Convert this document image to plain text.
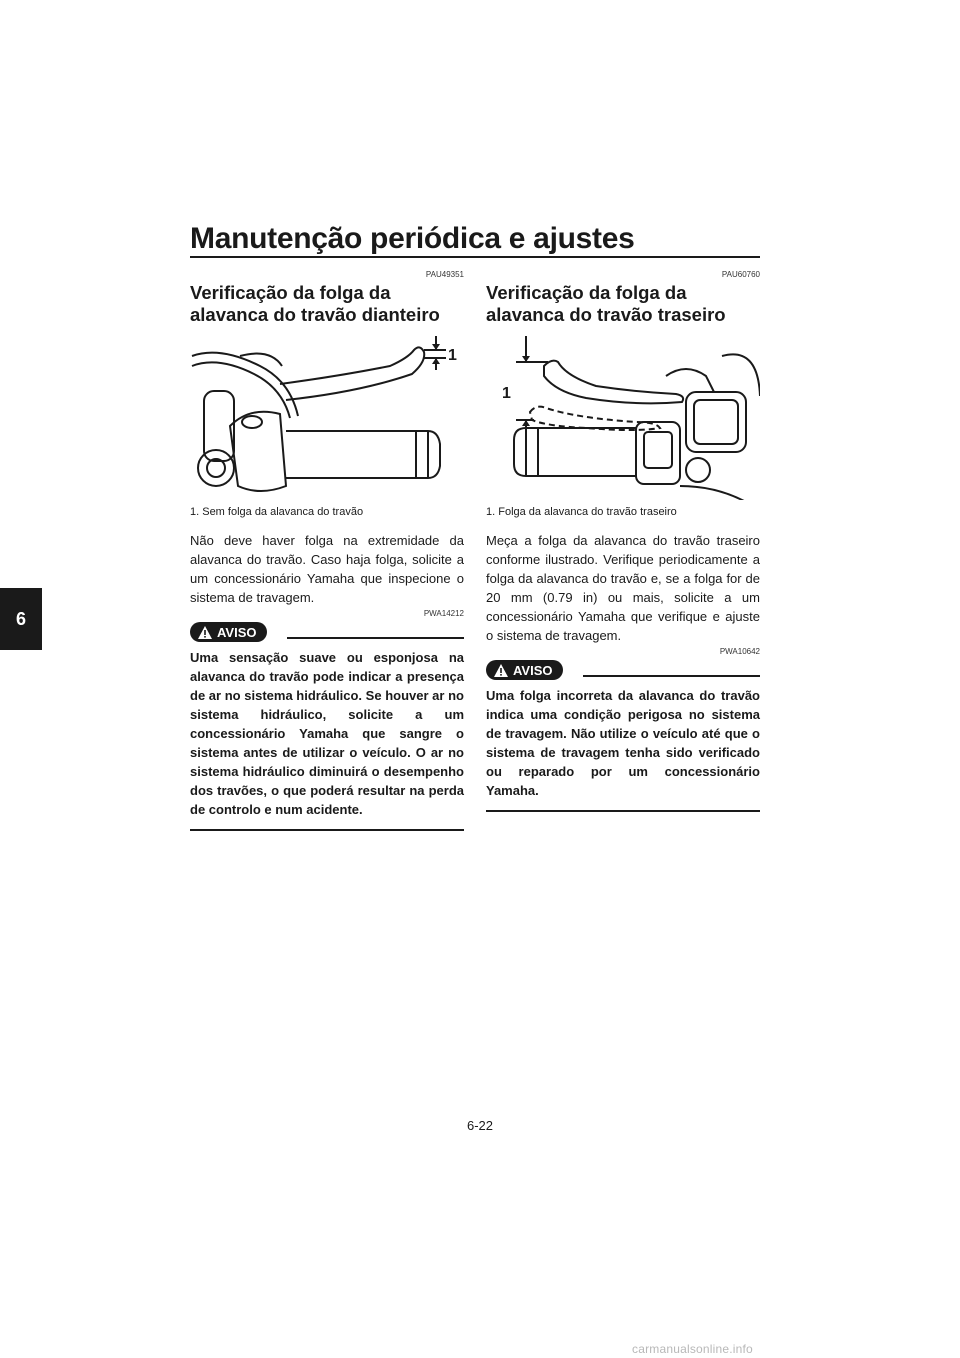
Manutenção periódica e ajustes
6
PAU49351
Verificação da folga da alavanca do travão dianteiro
1
1. Sem folga da alavanca do travão
Não deve haver folga na extremidade da alavanca do travão. Caso haja folga, solicite a um concessionário Yamaha que inspecione o sistema de travagem.
PWA14212
AVISO
Uma sensação suave ou esponjosa na alavanca do travão pode indicar a presença de ar no sistema hidráulico. Se houver ar no sistema hidráulico, solicite a um concessionário Yamaha que sangre o sistema antes de utilizar o veículo. O ar no sistema hidráulico diminuirá o desempenho dos travões, o que poderá resultar na perda de controlo e num acidente.
PAU60760
Verificação da folga da alavanca do travão traseiro
1
1. Folga da alavanca do travão traseiro
Meça a folga da alavanca do travão traseiro conforme ilustrado. Verifique periodicamente a folga da alavanca do travão e, se a folga for de 20 mm (0.79 in) ou mais, solicite a um concessionário Yamaha que verifique e ajuste o sistema de travagem.
PWA10642
AVISO
Uma folga incorreta da alavanca do travão indica uma condição perigosa no sistema de travagem. Não utilize o veículo até que o sistema de travagem tenha sido verificado ou reparado por um concessionário Yamaha.
6-22
carmanualsonline.info
